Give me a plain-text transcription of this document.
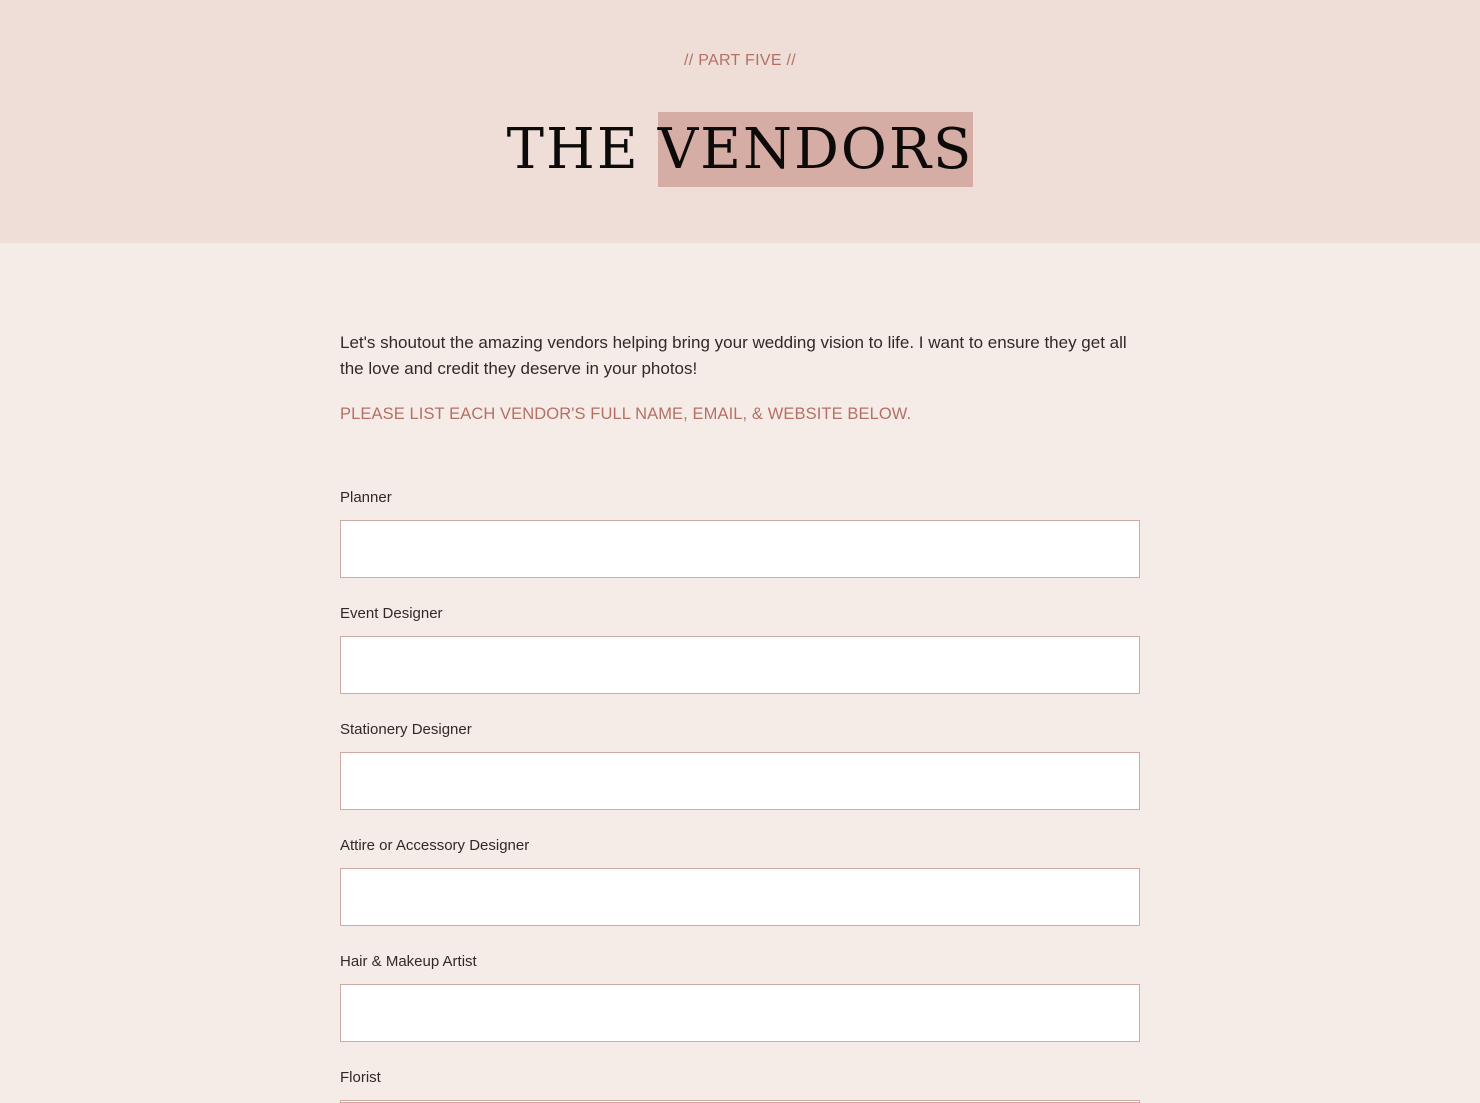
// PART FIVE //
THE VENDORS

Let's shoutout the amazing vendors helping bring your wedding vision to life. I want to ensure they get all the love and credit they deserve in your photos!

PLEASE LIST EACH VENDOR'S FULL NAME, EMAIL, & WEBSITE BELOW.

Planner
Event Designer
Stationery Designer
Attire or Accessory Designer
Hair & Makeup Artist
Florist
